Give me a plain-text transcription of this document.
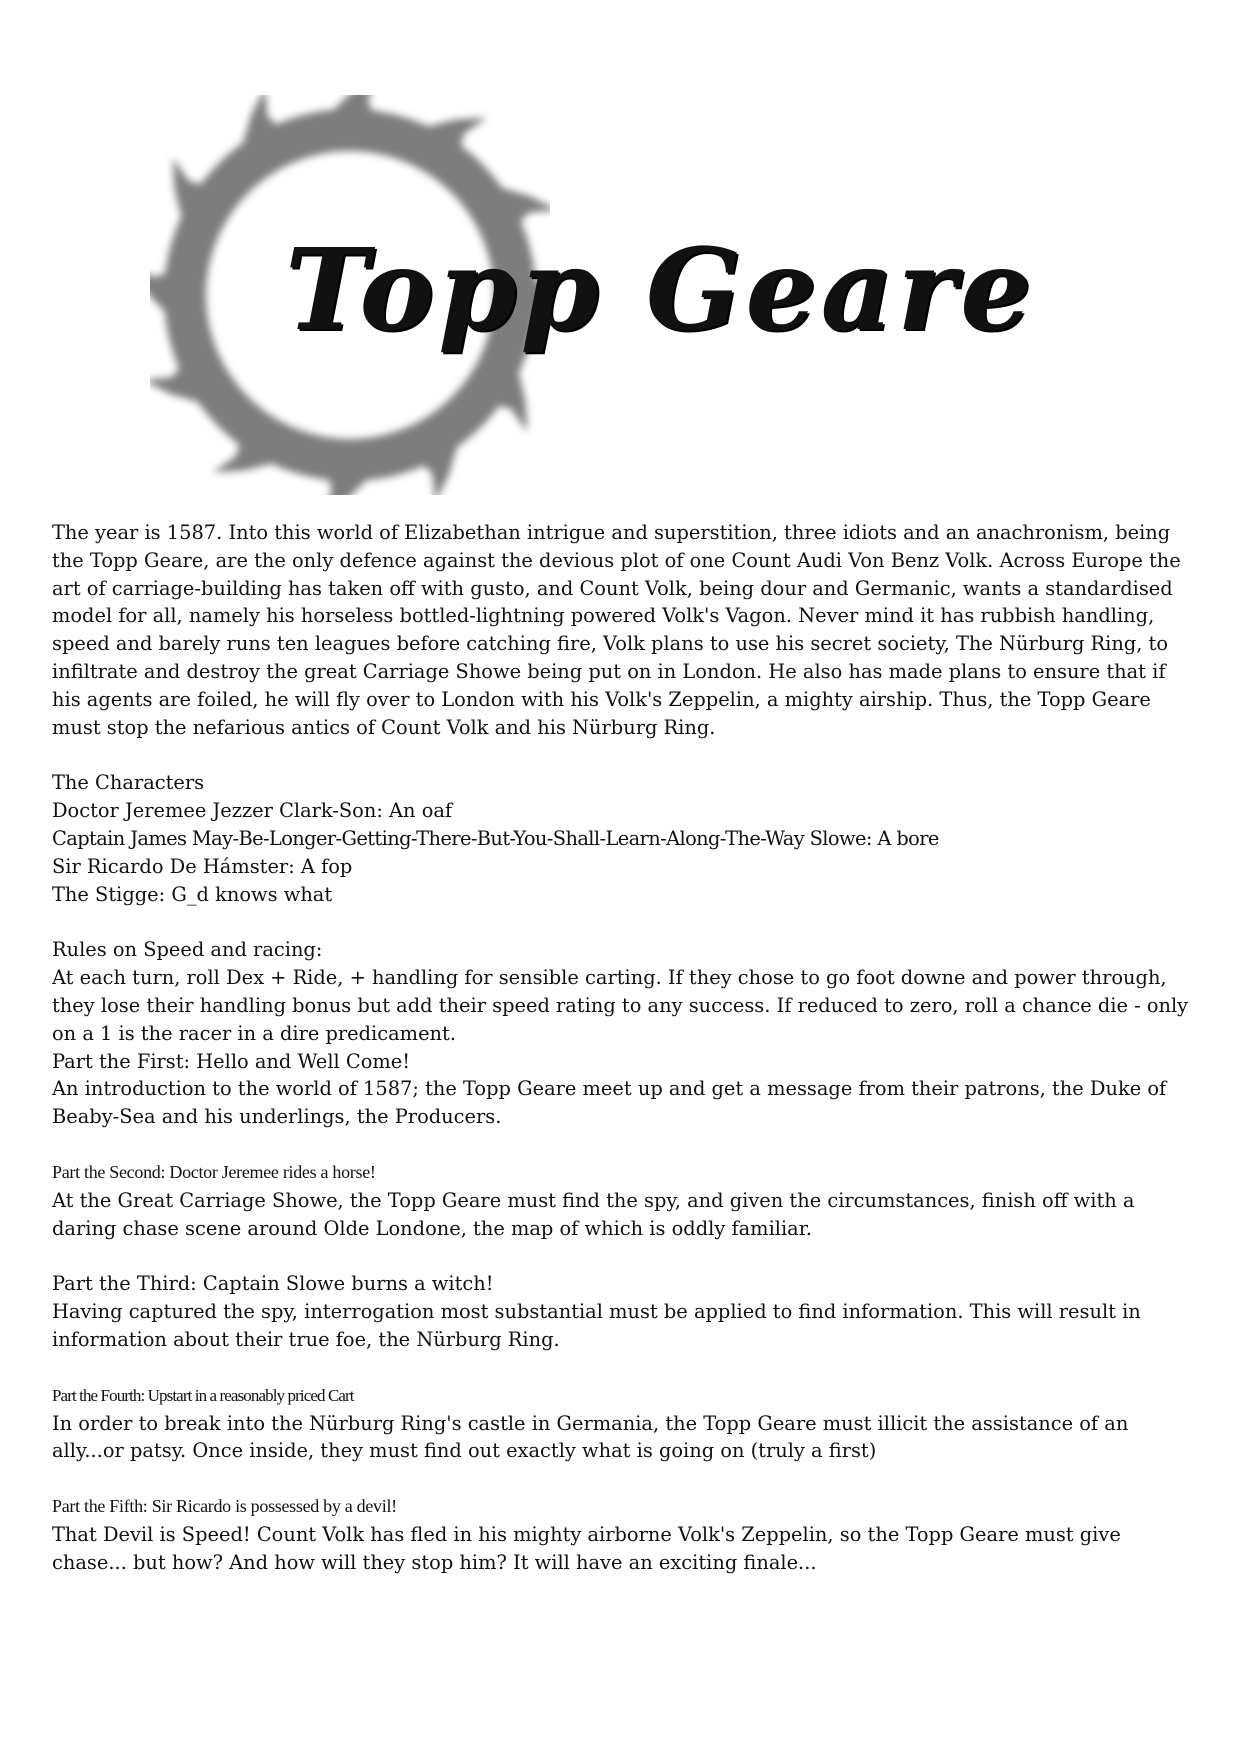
Topp Geare

The year is 1587. Into this world of Elizabethan intrigue and superstition, three idiots and an anachronism, being the Topp Geare, are the only defence against the devious plot of one Count Audi Von Benz Volk. Across Europe the art of carriage-building has taken off with gusto, and Count Volk, being dour and Germanic, wants a standardised model for all, namely his horseless bottled-lightning powered Volk's Vagon. Never mind it has rubbish handling, speed and barely runs ten leagues before catching fire, Volk plans to use his secret society, The Nürburg Ring, to infiltrate and destroy the great Carriage Showe being put on in London. He also has made plans to ensure that if his agents are foiled, he will fly over to London with his Volk's Zeppelin, a mighty airship. Thus, the Topp Geare must stop the nefarious antics of Count Volk and his Nürburg Ring.

The Characters

Doctor Jeremee Jezzer Clark-Son: An oaf

Captain James May-Be-Longer-Getting-There-But-You-Shall-Learn-Along-The-Way Slowe: A bore

Sir Ricardo De Hámster: A fop

The Stigge: G_d knows what

Rules on Speed and racing:

At each turn, roll Dex + Ride, + handling for sensible carting. If they chose to go foot downe and power through, they lose their handling bonus but add their speed rating to any success. If reduced to zero, roll a chance die - only on a 1 is the racer in a dire predicament.

Part the First: Hello and Well Come!

An introduction to the world of 1587; the Topp Geare meet up and get a message from their patrons, the Duke of Beaby-Sea and his underlings, the Producers.

Part the Second: Doctor Jeremee rides a horse!

At the Great Carriage Showe, the Topp Geare must find the spy, and given the circumstances, finish off with a daring chase scene around Olde Londone, the map of which is oddly familiar.

Part the Third: Captain Slowe burns a witch!

Having captured the spy, interrogation most substantial must be applied to find information. This will result in information about their true foe, the Nürburg Ring.

Part the Fourth: Upstart in a reasonably priced Cart

In order to break into the Nürburg Ring's castle in Germania, the Topp Geare must illicit the assistance of an ally...or patsy. Once inside, they must find out exactly what is going on (truly a first)

Part the Fifth: Sir Ricardo is possessed by a devil!

That Devil is Speed! Count Volk has fled in his mighty airborne Volk's Zeppelin, so the Topp Geare must give chase... but how? And how will they stop him? It will have an exciting finale...
